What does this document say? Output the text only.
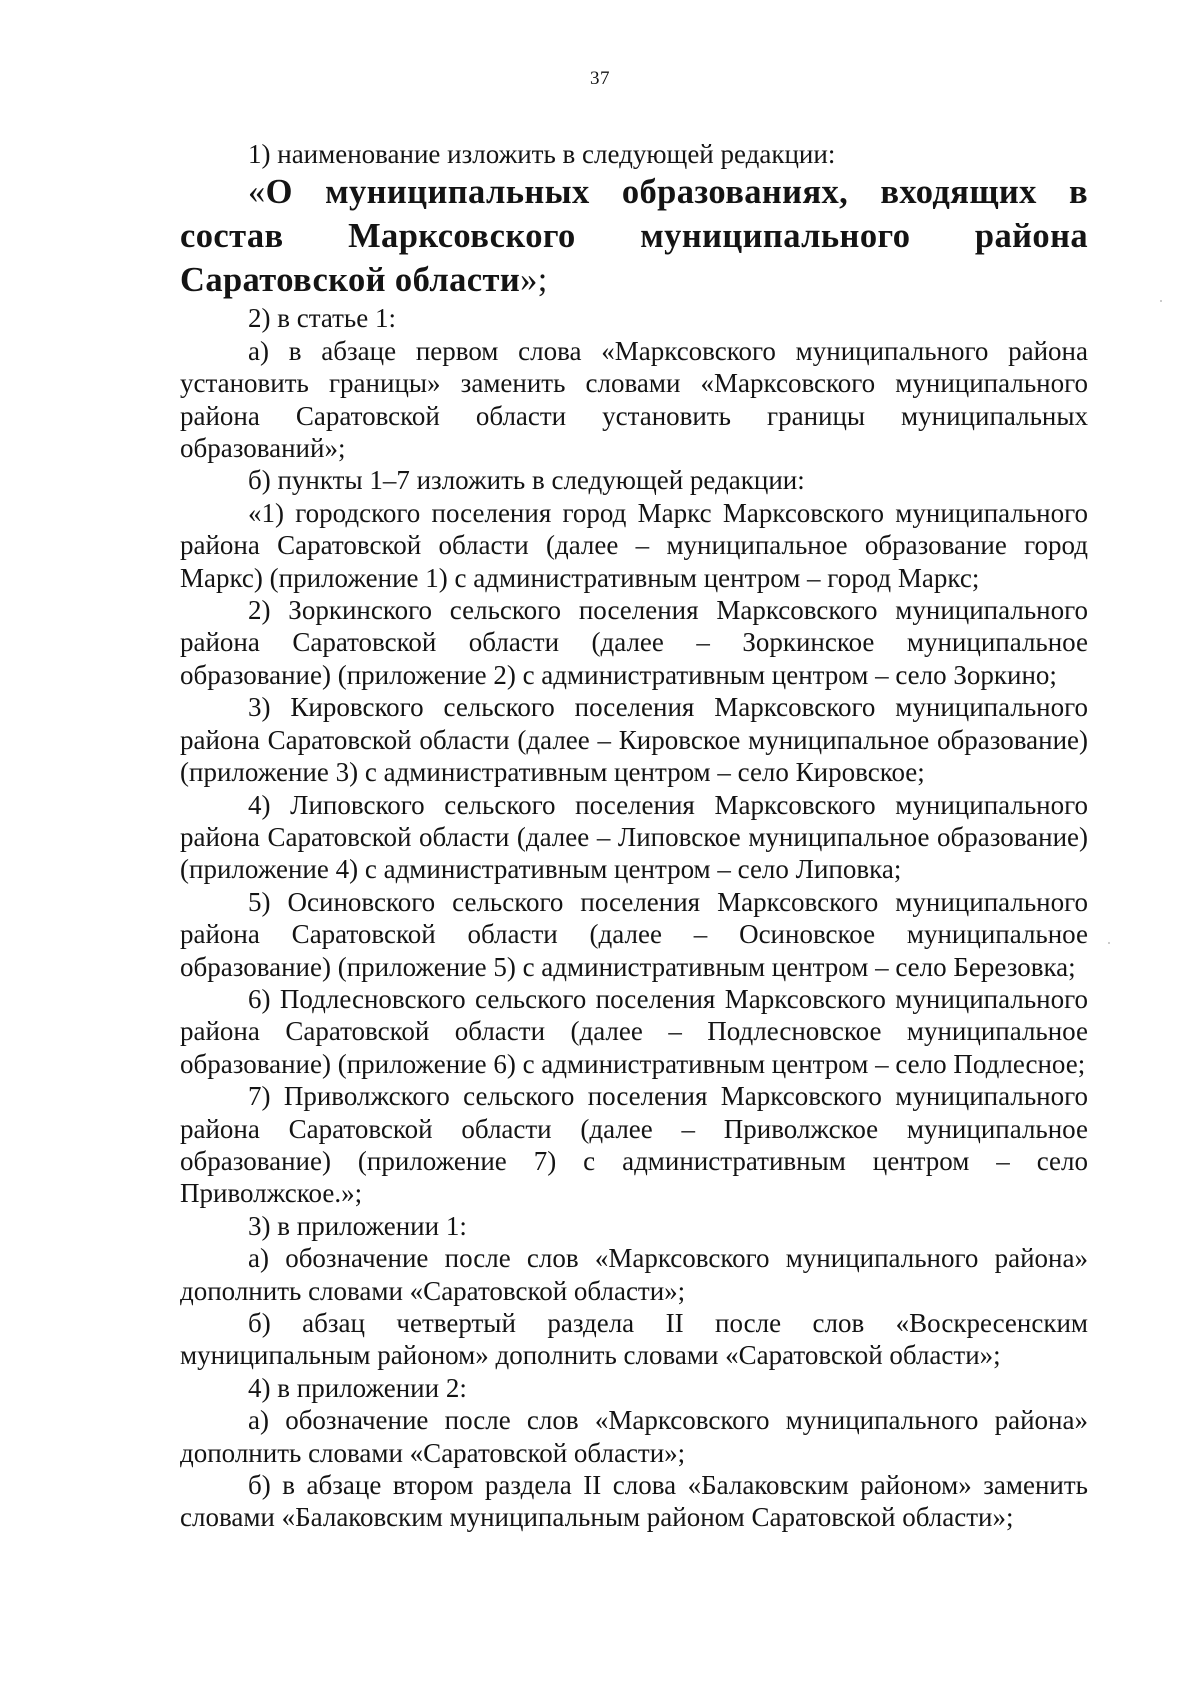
37

1) наименование изложить в следующей редакции:

«О муниципальных образованиях, входящих в состав Марксовского муниципального района Саратовской области»;

2) в статье 1:

а) в абзаце первом слова «Марксовского муниципального района установить границы» заменить словами «Марксовского муниципального района Саратовской области установить границы муниципальных образований»;

б) пункты 1–7 изложить в следующей редакции:

«1) городского поселения город Маркс Марксовского муниципального района Саратовской области (далее – муниципальное образование город Маркс) (приложение 1) с административным центром – город Маркс;

2) Зоркинского сельского поселения Марксовского муниципального района Саратовской области (далее – Зоркинское муниципальное образование) (приложение 2) с административным центром – село Зоркино;

3) Кировского сельского поселения Марксовского муниципального района Саратовской области (далее – Кировское муниципальное образование) (приложение 3) с административным центром – село Кировское;

4) Липовского сельского поселения Марксовского муниципального района Саратовской области (далее – Липовское муниципальное образование) (приложение 4) с административным центром – село Липовка;

5) Осиновского сельского поселения Марксовского муниципального района Саратовской области (далее – Осиновское муниципальное образование) (приложение 5) с административным центром – село Березовка;

6) Подлесновского сельского поселения Марксовского муниципального района Саратовской области (далее – Подлесновское муниципальное образование) (приложение 6) с административным центром – село Подлесное;

7) Приволжского сельского поселения Марксовского муниципального района Саратовской области (далее – Приволжское муниципальное образование) (приложение 7) с административным центром – село Приволжское.»;

3) в приложении 1:

а) обозначение после слов «Марксовского муниципального района» дополнить словами «Саратовской области»;

б) абзац четвертый раздела II после слов «Воскресенским муниципальным районом» дополнить словами «Саратовской области»;

4) в приложении 2:

а) обозначение после слов «Марксовского муниципального района» дополнить словами «Саратовской области»;

б) в абзаце втором раздела II слова «Балаковским районом» заменить словами «Балаковским муниципальным районом Саратовской области»;
